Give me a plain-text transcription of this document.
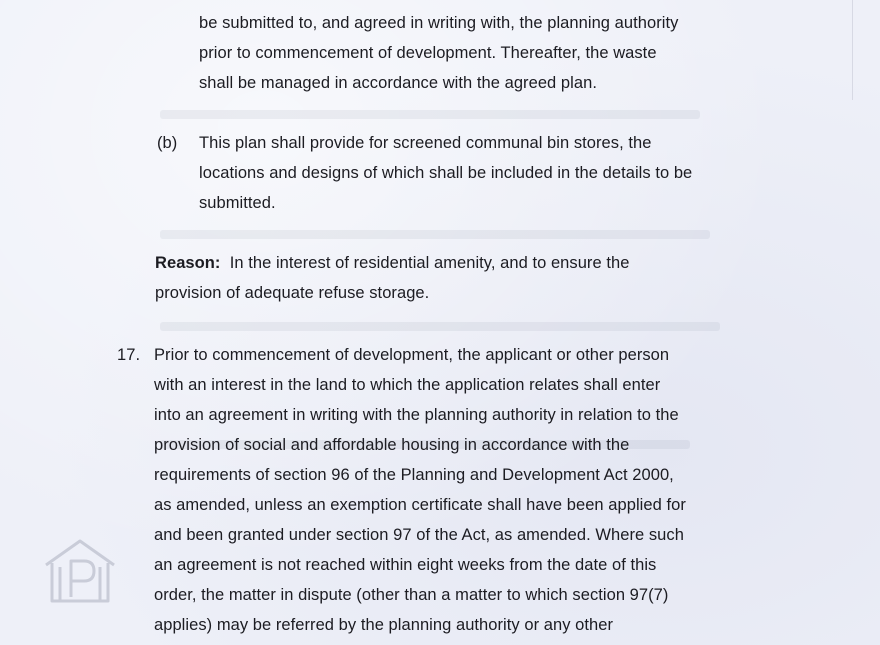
be submitted to, and agreed in writing with, the planning authority
prior to commencement of development. Thereafter, the waste
shall be managed in accordance with the agreed plan.
(b) This plan shall provide for screened communal bin stores, the
locations and designs of which shall be included in the details to be
submitted.
Reason: In the interest of residential amenity, and to ensure the
provision of adequate refuse storage.
17. Prior to commencement of development, the applicant or other person
with an interest in the land to which the application relates shall enter
into an agreement in writing with the planning authority in relation to the
provision of social and affordable housing in accordance with the
requirements of section 96 of the Planning and Development Act 2000,
as amended, unless an exemption certificate shall have been applied for
and been granted under section 97 of the Act, as amended. Where such
an agreement is not reached within eight weeks from the date of this
order, the matter in dispute (other than a matter to which section 97(7)
applies) may be referred by the planning authority or any other
